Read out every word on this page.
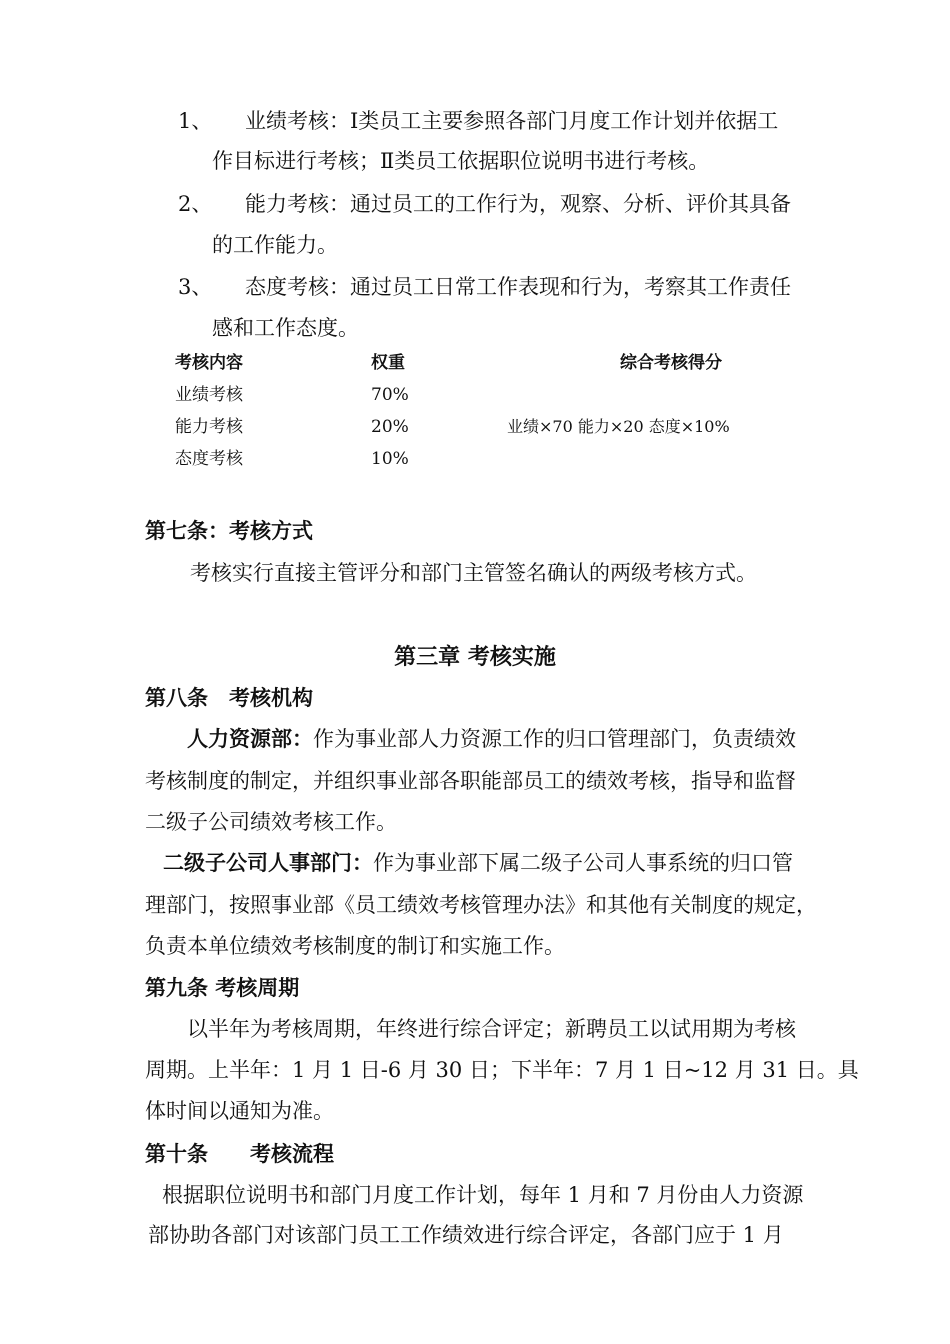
1、 业绩考核：Ⅰ类员工主要参照各部门月度工作计划并依据工
作目标进行考核；Ⅱ类员工依据职位说明书进行考核。
2、 能力考核：通过员工的工作行为，观察、分析、评价其具备
的工作能力。
3、 态度考核：通过员工日常工作表现和行为，考察其工作责任
感和工作态度。
考核内容	权重	综合考核得分
业绩考核	70%
能力考核	20%	业绩×70 能力×20 态度×10%
态度考核	10%
第七条：考核方式
考核实行直接主管评分和部门主管签名确认的两级考核方式。
第三章 考核实施
第八条　考核机构
人力资源部：作为事业部人力资源工作的归口管理部门，负责绩效
考核制度的制定，并组织事业部各职能部员工的绩效考核，指导和监督
二级子公司绩效考核工作。
二级子公司人事部门：作为事业部下属二级子公司人事系统的归口管
理部门，按照事业部《员工绩效考核管理办法》和其他有关制度的规定，
负责本单位绩效考核制度的制订和实施工作。
第九条 考核周期
以半年为考核周期，年终进行综合评定；新聘员工以试用期为考核
周期。上半年：1 月 1 日-6 月 30 日；下半年：7 月 1 日~12 月 31 日。具
体时间以通知为准。
第十条　　考核流程
根据职位说明书和部门月度工作计划，每年 1 月和 7 月份由人力资源
部协助各部门对该部门员工工作绩效进行综合评定，各部门应于 1 月
